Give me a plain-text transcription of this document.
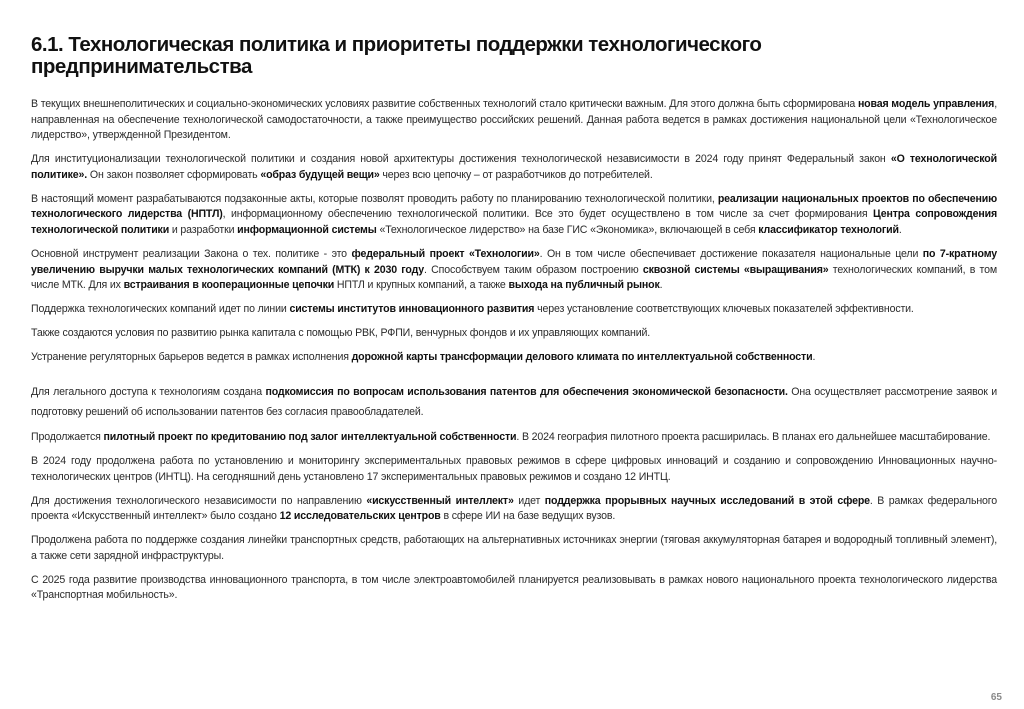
6.1. Технологическая политика и приоритеты поддержки технологического предпринимательства

В текущих внешнеполитических и социально-экономических условиях развитие собственных технологий стало критически важным. Для этого должна быть сформирована новая модель управления, направленная на обеспечение технологической самодостаточности, а также преимущество российских решений. Данная работа ведется в рамках достижения национальной цели «Технологическое лидерство», утвержденной Президентом.

Для институционализации технологической политики и создания новой архитектуры достижения технологической независимости в 2024 году принят Федеральный закон «О технологической политике». Он закон позволяет сформировать «образ будущей вещи» через всю цепочку – от разработчиков до потребителей.

В настоящий момент разрабатываются подзаконные акты, которые позволят проводить работу по планированию технологической политики, реализации национальных проектов по обеспечению технологического лидерства (НПТЛ), информационному обеспечению технологической политики. Все это будет осуществлено в том числе за счет формирования Центра сопровождения технологической политики и разработки информационной системы «Технологическое лидерство» на базе ГИС «Экономика», включающей в себя классификатор технологий.

Основной инструмент реализации Закона о тех. политике - это федеральный проект «Технологии». Он в том числе обеспечивает достижение показателя национальные цели по 7-кратному увеличению выручки малых технологических компаний (МТК) к 2030 году. Способствуем таким образом построению сквозной системы «выращивания» технологических компаний, в том числе МТК. Для их встраивания в кооперационные цепочки НПТЛ и крупных компаний, а также выхода на публичный рынок.

Поддержка технологических компаний идет по линии системы институтов инновационного развития через установление соответствующих ключевых показателей эффективности.

Также создаются условия по развитию рынка капитала с помощью РВК, РФПИ, венчурных фондов и их управляющих компаний.

Устранение регуляторных барьеров ведется в рамках исполнения дорожной карты трансформации делового климата по интеллектуальной собственности.

Для легального доступа к технологиям создана подкомиссия по вопросам использования патентов для обеспечения экономической безопасности. Она осуществляет рассмотрение заявок и подготовку решений об использовании патентов без согласия правообладателей.

Продолжается пилотный проект по кредитованию под залог интеллектуальной собственности. В 2024 география пилотного проекта расширилась. В планах его дальнейшее масштабирование.

В 2024 году продолжена работа по установлению и мониторингу экспериментальных правовых режимов в сфере цифровых инноваций и созданию и сопровождению Инновационных научно-технологических центров (ИНТЦ). На сегодняшний день установлено 17 экспериментальных правовых режимов и создано 12 ИНТЦ.

Для достижения технологического независимости по направлению «искусственный интеллект» идет поддержка прорывных научных исследований в этой сфере. В рамках федерального проекта «Искусственный интеллект» было создано 12 исследовательских центров в сфере ИИ на базе ведущих вузов.

Продолжена работа по поддержке создания линейки транспортных средств, работающих на альтернативных источниках энергии (тяговая аккумуляторная батарея и водородный топливный элемент), а также сети зарядной инфраструктуры.

С 2025 года развитие производства инновационного транспорта, в том числе электроавтомобилей планируется реализовывать в рамках нового национального проекта технологического лидерства «Транспортная мобильность».

65
